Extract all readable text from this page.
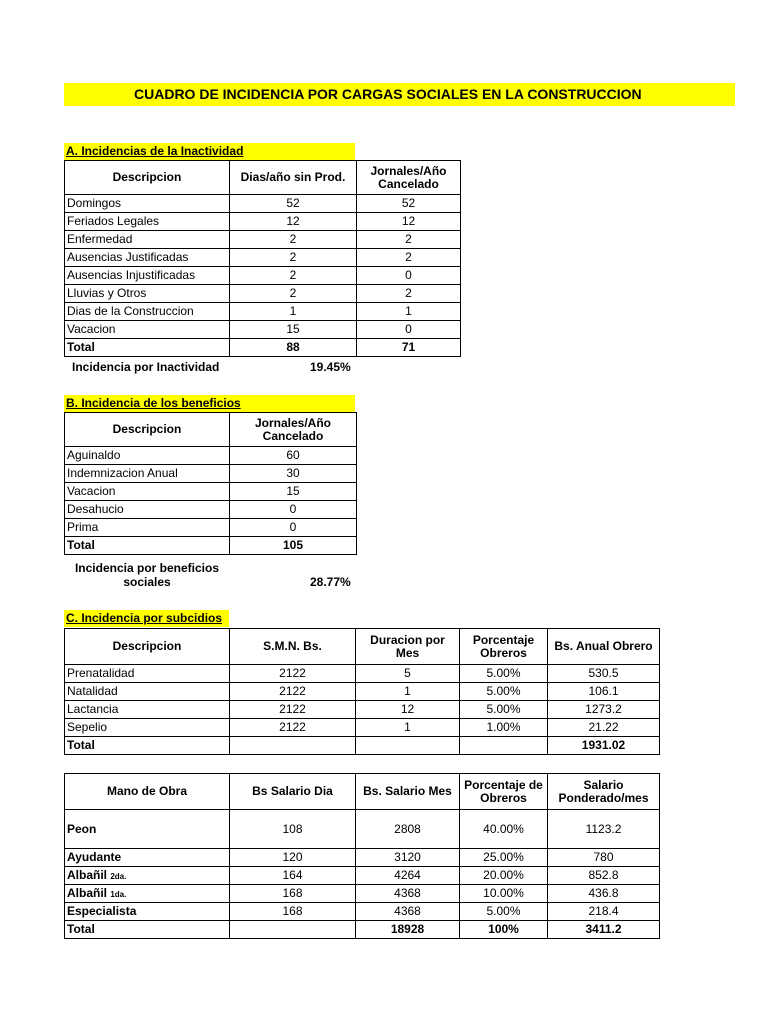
CUADRO DE INCIDENCIA POR CARGAS SOCIALES EN LA CONSTRUCCION
A. Incidencias de la Inactividad
Descripcion	Dias/año sin Prod.	Jornales/Año Cancelado
Domingos	52	52
Feriados Legales	12	12
Enfermedad	2	2
Ausencias Justificadas	2	2
Ausencias Injustificadas	2	0
Lluvias y Otros	2	2
Dias de la Construccion	1	1
Vacacion	15	0
Total	88	71
Incidencia por Inactividad	19.45%
B. Incidencia de los beneficios
Descripcion	Jornales/Año Cancelado
Aguinaldo	60
Indemnizacion Anual	30
Vacacion	15
Desahucio	0
Prima	0
Total	105
Incidencia por beneficios sociales	28.77%
C. Incidencia por subcidios
Descripcion	S.M.N. Bs.	Duracion por Mes	Porcentaje Obreros	Bs. Anual Obrero
Prenatalidad	2122	5	5.00%	530.5
Natalidad	2122	1	5.00%	106.1
Lactancia	2122	12	5.00%	1273.2
Sepelio	2122	1	1.00%	21.22
Total				1931.02
Mano de Obra	Bs Salario Dia	Bs. Salario Mes	Porcentaje de Obreros	Salario Ponderado/mes
Peon	108	2808	40.00%	1123.2
Ayudante	120	3120	25.00%	780
Albañil 2da.	164	4264	20.00%	852.8
Albañil 1da.	168	4368	10.00%	436.8
Especialista	168	4368	5.00%	218.4
Total		18928	100%	3411.2
